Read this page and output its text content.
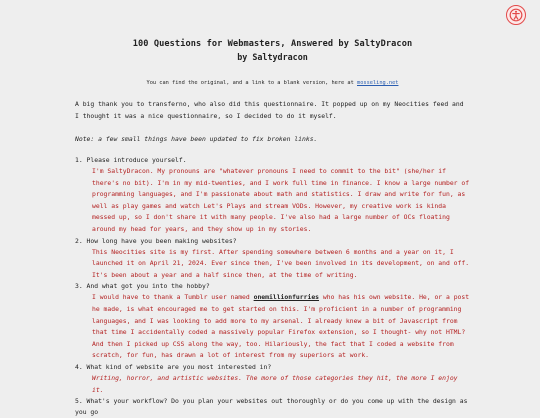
100 Questions for Webmasters, Answered by SaltyDracon
by Saltydracon
You can find the original, and a link to a blank version, here at mosseling.net

A big thank you to transferno, who also did this questionnaire. It popped up on my Neocities feed and I thought it was a nice questionnaire, so I decided to do it myself.

Note: a few small things have been updated to fix broken links.

1. Please introduce yourself.
I'm SaltyDracon. My pronouns are "whatever pronouns I need to commit to the bit" (she/her if there's no bit). I'm in my mid-twenties, and I work full time in finance. I know a large number of programming languages, and I'm passionate about math and statistics. I draw and write for fun, as well as play games and watch Let's Plays and stream VODs. However, my creative work is kinda messed up, so I don't share it with many people. I've also had a large number of OCs floating around my head for years, and they show up in my stories.
2. How long have you been making websites?
This Neocities site is my first. After spending somewhere between 6 months and a year on it, I launched it on April 21, 2024. Ever since then, I've been involved in its development, on and off. It's been about a year and a half since then, at the time of writing.
3. And what got you into the hobby?
I would have to thank a Tumblr user named onemillionfurries who has his own website. He, or a post he made, is what encouraged me to get started on this. I'm proficient in a number of programming languages, and I was looking to add more to my arsenal. I already knew a bit of Javascript from that time I accidentally coded a massively popular Firefox extension, so I thought- why not HTML? And then I picked up CSS along the way, too. Hilariously, the fact that I coded a website from scratch, for fun, has drawn a lot of interest from my superiors at work.
4. What kind of website are you most interested in?
Writing, horror, and artistic websites. The more of those categories they hit, the more I enjoy it.
5. What's your workflow? Do you plan your websites out thoroughly or do you come up with the design as you go
